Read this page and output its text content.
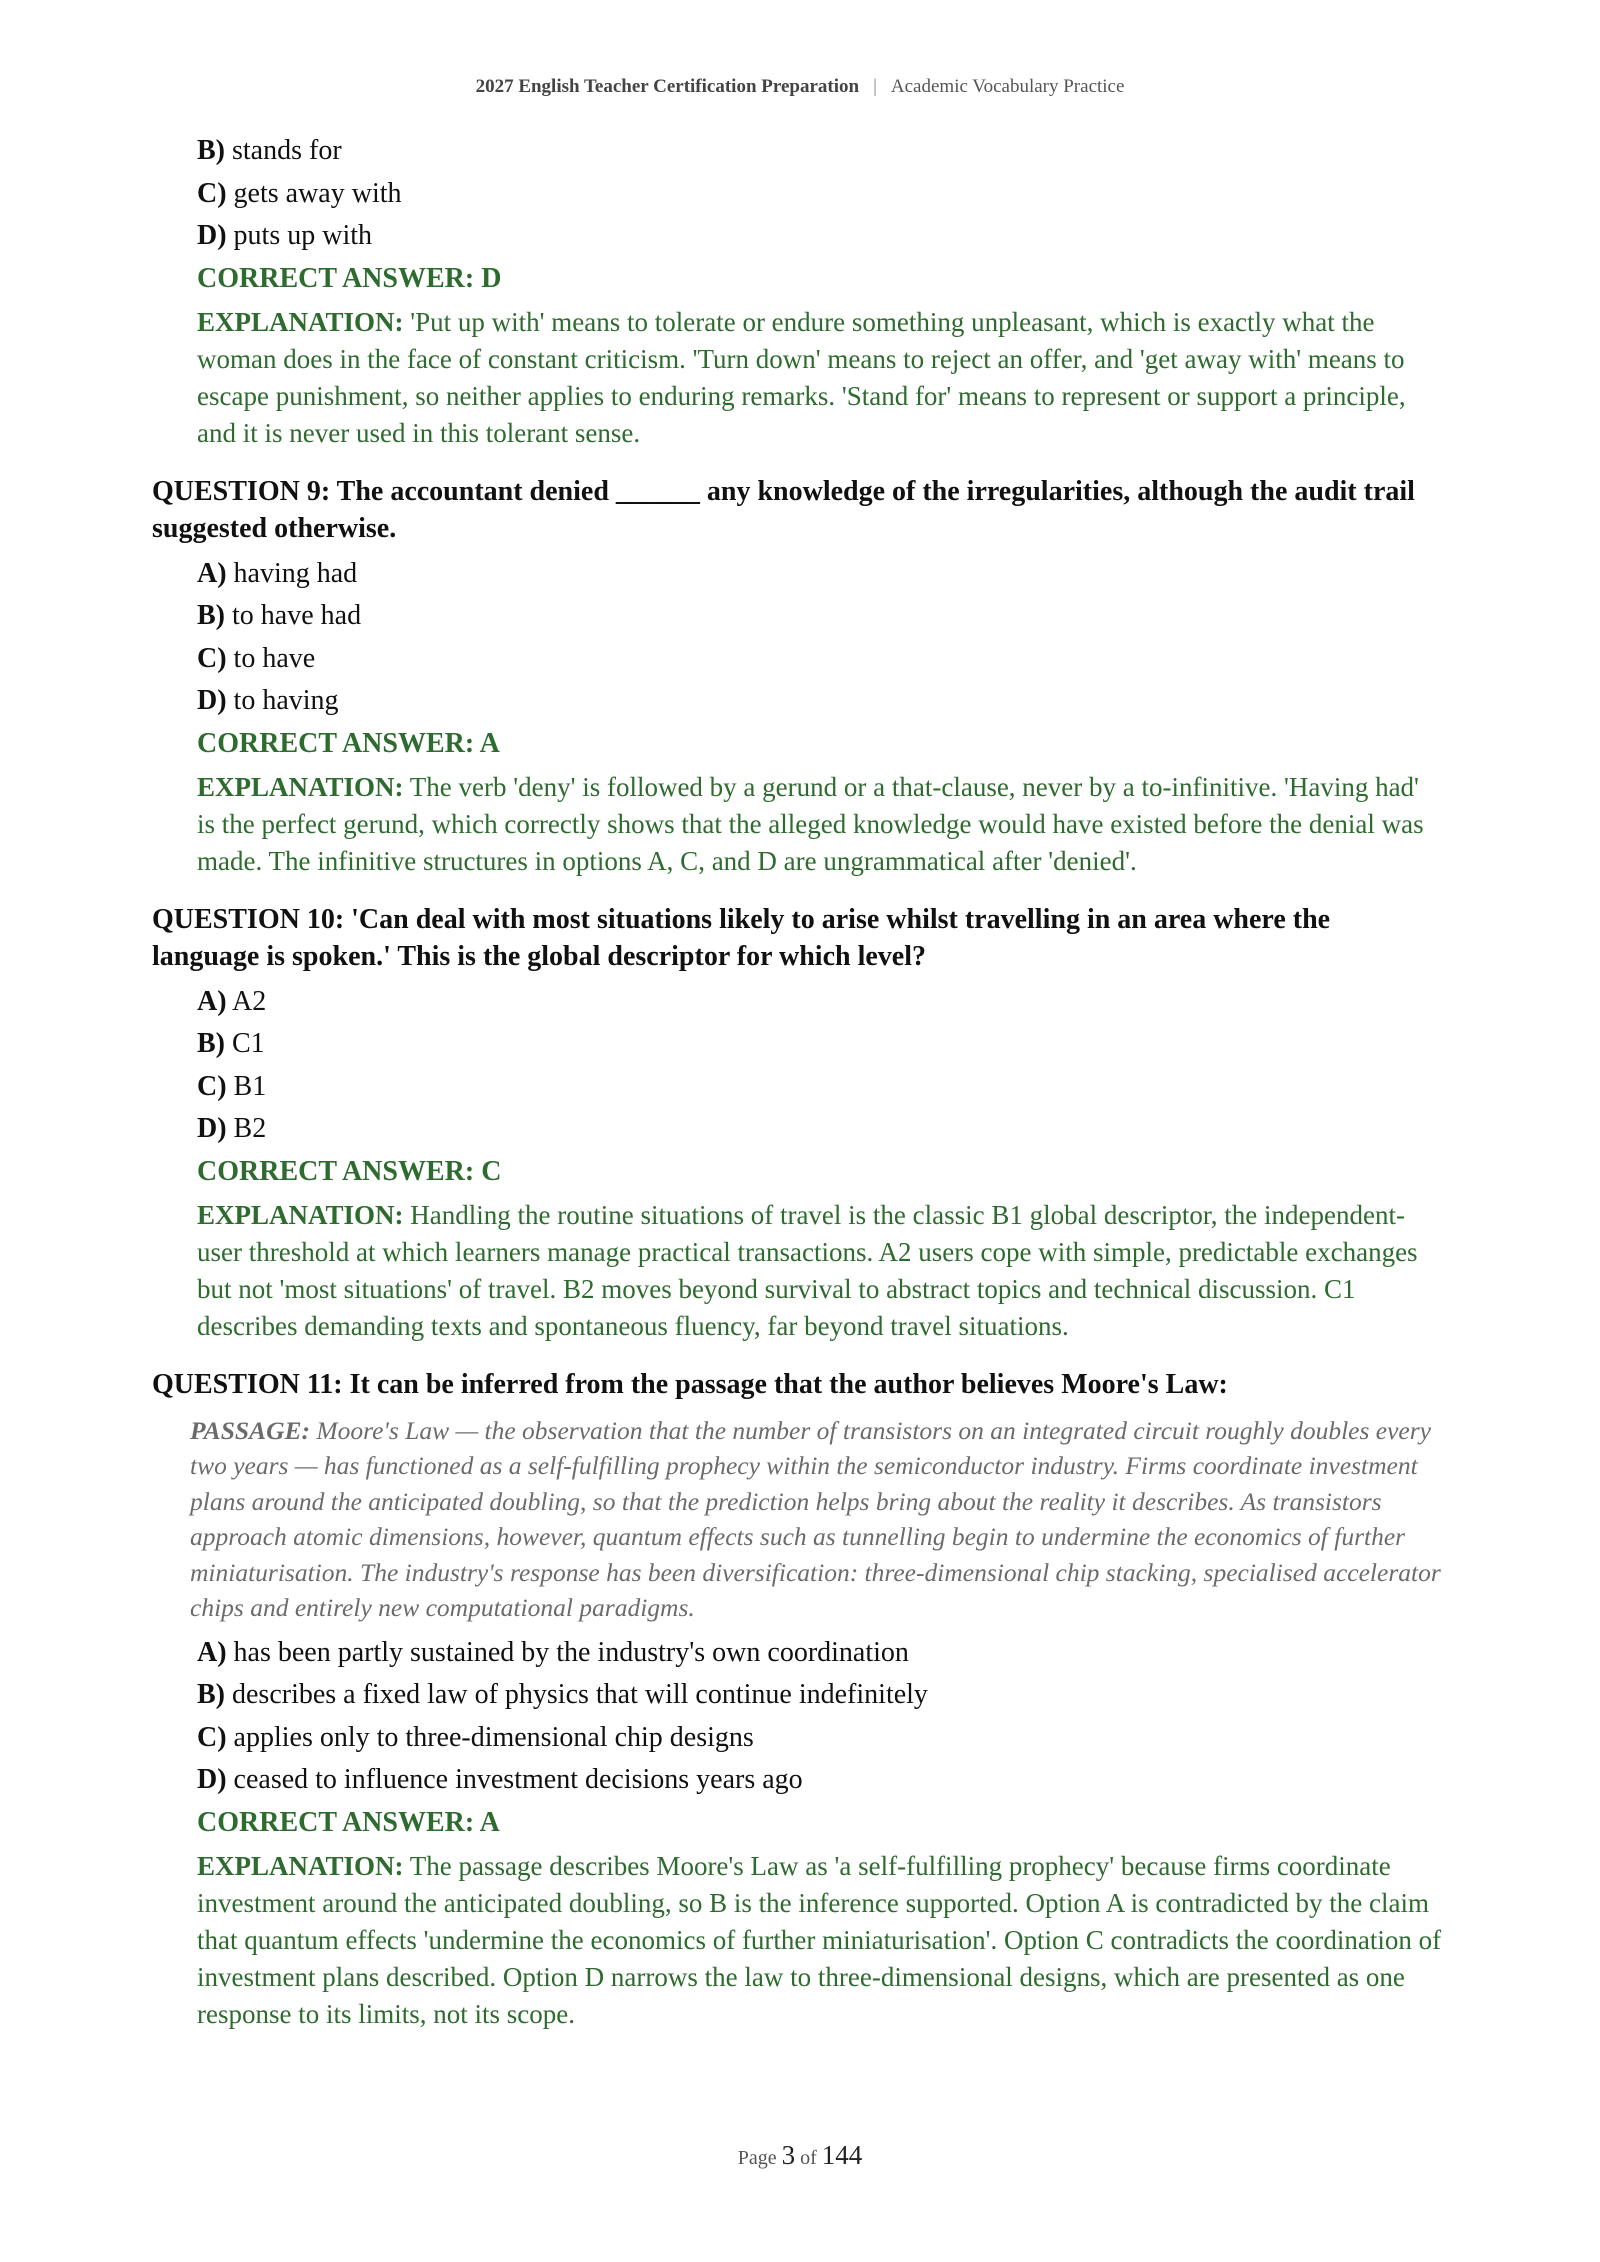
2027 English Teacher Certification Preparation | Academic Vocabulary Practice
B) stands for
C) gets away with
D) puts up with
CORRECT ANSWER: D
EXPLANATION: 'Put up with' means to tolerate or endure something unpleasant, which is exactly what the woman does in the face of constant criticism. 'Turn down' means to reject an offer, and 'get away with' means to escape punishment, so neither applies to enduring remarks. 'Stand for' means to represent or support a principle, and it is never used in this tolerant sense.
QUESTION 9: The accountant denied ______ any knowledge of the irregularities, although the audit trail suggested otherwise.
A) having had
B) to have had
C) to have
D) to having
CORRECT ANSWER: A
EXPLANATION: The verb 'deny' is followed by a gerund or a that-clause, never by a to-infinitive. 'Having had' is the perfect gerund, which correctly shows that the alleged knowledge would have existed before the denial was made. The infinitive structures in options A, C, and D are ungrammatical after 'denied'.
QUESTION 10: 'Can deal with most situations likely to arise whilst travelling in an area where the language is spoken.' This is the global descriptor for which level?
A) A2
B) C1
C) B1
D) B2
CORRECT ANSWER: C
EXPLANATION: Handling the routine situations of travel is the classic B1 global descriptor, the independent-user threshold at which learners manage practical transactions. A2 users cope with simple, predictable exchanges but not 'most situations' of travel. B2 moves beyond survival to abstract topics and technical discussion. C1 describes demanding texts and spontaneous fluency, far beyond travel situations.
QUESTION 11: It can be inferred from the passage that the author believes Moore's Law:
PASSAGE: Moore's Law — the observation that the number of transistors on an integrated circuit roughly doubles every two years — has functioned as a self-fulfilling prophecy within the semiconductor industry. Firms coordinate investment plans around the anticipated doubling, so that the prediction helps bring about the reality it describes. As transistors approach atomic dimensions, however, quantum effects such as tunnelling begin to undermine the economics of further miniaturisation. The industry's response has been diversification: three-dimensional chip stacking, specialised accelerator chips and entirely new computational paradigms.
A) has been partly sustained by the industry's own coordination
B) describes a fixed law of physics that will continue indefinitely
C) applies only to three-dimensional chip designs
D) ceased to influence investment decisions years ago
CORRECT ANSWER: A
EXPLANATION: The passage describes Moore's Law as 'a self-fulfilling prophecy' because firms coordinate investment around the anticipated doubling, so B is the inference supported. Option A is contradicted by the claim that quantum effects 'undermine the economics of further miniaturisation'. Option C contradicts the coordination of investment plans described. Option D narrows the law to three-dimensional designs, which are presented as one response to its limits, not its scope.
Page 3 of 144
